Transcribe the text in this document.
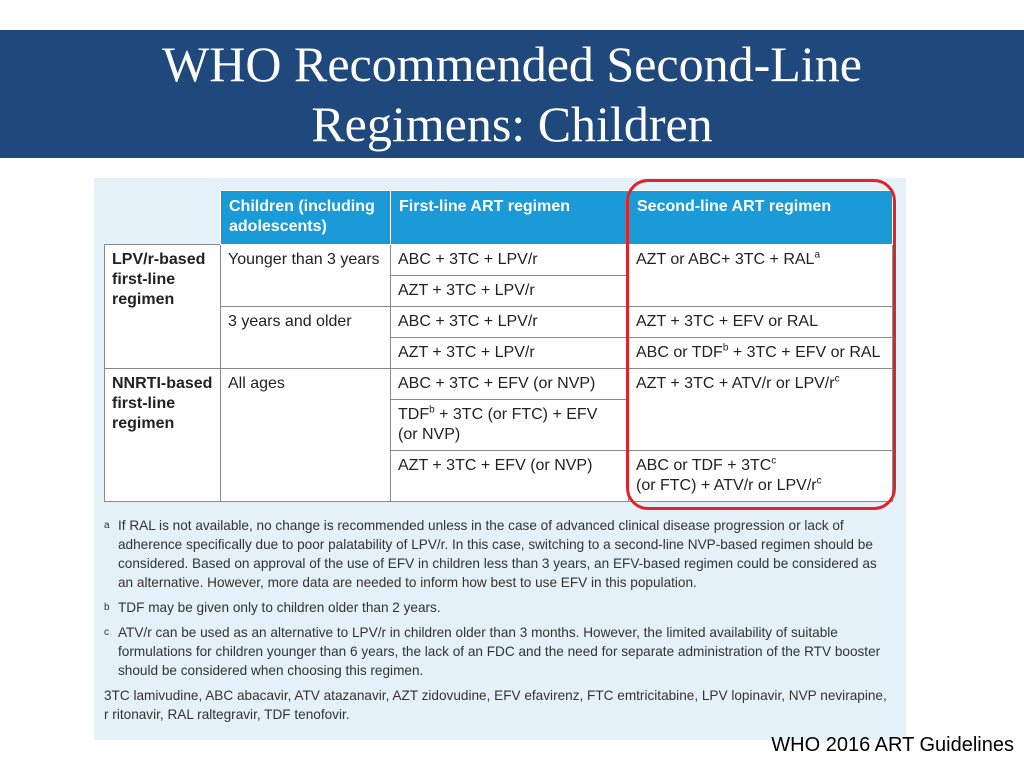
WHO Recommended Second-Line
Regimens: Children
	Children (including adolescents)	First-line ART regimen	Second-line ART regimen
LPV/r-based first-line regimen	Younger than 3 years	ABC + 3TC + LPV/r	AZT or $ABC+ 3TC + RAL^a$
		AZT + 3TC + LPV/r	
	3 years and older	ABC + 3TC + LPV/r	AZT + 3TC + EFV or RAL
		AZT + 3TC + LPV/r	ABC or $TDF^b + 3TC$ + EFV or RAL
NNRTI-based first-line regimen	All ages	ABC + 3TC + EFV (or NVP)	AZT + 3TC + ATV/r or LPV/$r^c$
		$TDF^b + 3TC$ (or FTC) + EFV (or NVP)	
		AZT + 3TC + EFV (or NVP)	ABC or TDF + $3TC^c$
(or FTC) + ATV/r or LPV/$r^c$
a If RAL is not available, no change is recommended unless in the case of advanced clinical disease progression or lack of adherence specifically due to poor palatability of LPV/r. In this case, switching to a second-line NVP-based regimen should be considered. Based on approval of the use of EFV in children less than 3 years, an EFV-based regimen could be considered as an alternative. However, more data are needed to inform how best to use EFV in this population.
b TDF may be given only to children older than 2 years.
c ATV/r can be used as an alternative to LPV/r in children older than 3 months. However, the limited availability of suitable formulations for children younger than 6 years, the lack of an FDC and the need for separate administration of the RTV booster should be considered when choosing this regimen.
3TC lamivudine, ABC abacavir, ATV atazanavir, AZT zidovudine, EFV efavirenz, FTC emtricitabine, LPV lopinavir, NVP nevirapine, r ritonavir, RAL raltegravir, TDF tenofovir.
WHO 2016 ART Guidelines
